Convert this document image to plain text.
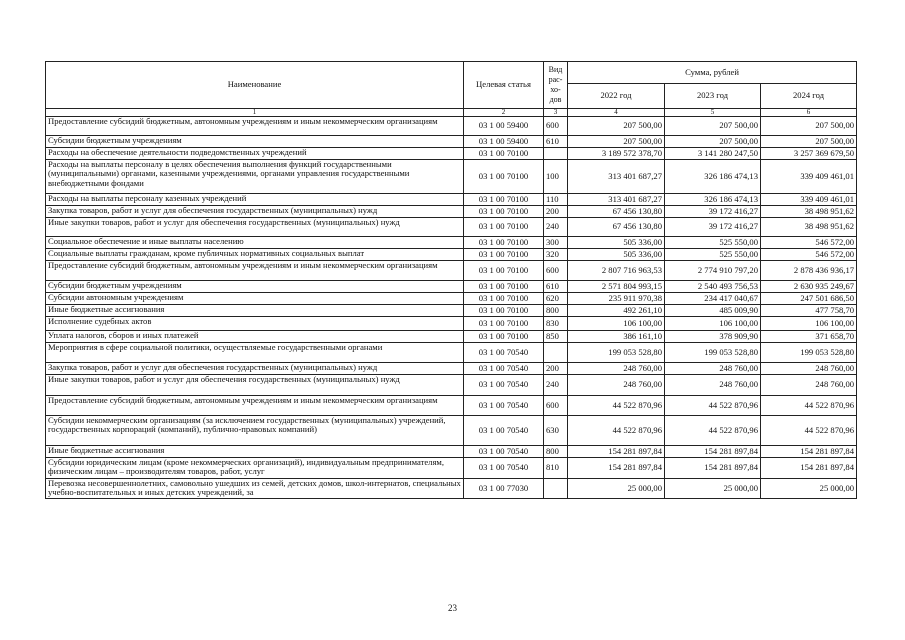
Наименование	Целевая статья	Вид рас- хо- дов	Сумма, рублей		
			2022 год	2023 год	2024 год
1	2	3	4	5	6
Предоставление субсидий бюджетным, автономным учреждениям и иным некоммерческим организациям	03 1 00 59400	600	207 500,00	207 500,00	207 500,00
Субсидии бюджетным учреждениям	03 1 00 59400	610	207 500,00	207 500,00	207 500,00
Расходы на обеспечение деятельности подведомственных учреждений	03 1 00 70100		3 189 572 378,70	3 141 280 247,50	3 257 369 679,50
Расходы на выплаты персоналу в целях обеспечения выполнения функций государственными (муниципальными) органами, казенными учреждениями, органами управления государственными внебюджетными фондами	03 1 00 70100	100	313 401 687,27	326 186 474,13	339 409 461,01
Расходы на выплаты персоналу казенных учреждений	03 1 00 70100	110	313 401 687,27	326 186 474,13	339 409 461,01
Закупка товаров, работ и услуг для обеспечения государственных (муниципальных) нужд	03 1 00 70100	200	67 456 130,80	39 172 416,27	38 498 951,62
Иные закупки товаров, работ и услуг для обеспечения государственных (муниципальных) нужд	03 1 00 70100	240	67 456 130,80	39 172 416,27	38 498 951,62
Социальное обеспечение и иные выплаты населению	03 1 00 70100	300	505 336,00	525 550,00	546 572,00
Социальные выплаты гражданам, кроме публичных нормативных социальных выплат	03 1 00 70100	320	505 336,00	525 550,00	546 572,00
Предоставление субсидий бюджетным, автономным учреждениям и иным некоммерческим организациям	03 1 00 70100	600	2 807 716 963,53	2 774 910 797,20	2 878 436 936,17
Субсидии бюджетным учреждениям	03 1 00 70100	610	2 571 804 993,15	2 540 493 756,53	2 630 935 249,67
Субсидии автономным учреждениям	03 1 00 70100	620	235 911 970,38	234 417 040,67	247 501 686,50
Иные бюджетные ассигнования	03 1 00 70100	800	492 261,10	485 009,90	477 758,70
Исполнение судебных актов	03 1 00 70100	830	106 100,00	106 100,00	106 100,00
Уплата налогов, сборов и иных платежей	03 1 00 70100	850	386 161,10	378 909,90	371 658,70
Мероприятия в сфере социальной политики, осуществляемые государственными органами	03 1 00 70540		199 053 528,80	199 053 528,80	199 053 528,80
Закупка товаров, работ и услуг для обеспечения государственных (муниципальных) нужд	03 1 00 70540	200	248 760,00	248 760,00	248 760,00
Иные закупки товаров, работ и услуг для обеспечения государственных (муниципальных) нужд	03 1 00 70540	240	248 760,00	248 760,00	248 760,00
Предоставление субсидий бюджетным, автономным учреждениям и иным некоммерческим организациям	03 1 00 70540	600	44 522 870,96	44 522 870,96	44 522 870,96
Субсидии некоммерческим организациям (за исключением государственных (муниципальных) учреждений, государственных корпораций (компаний), публично-правовых компаний)	03 1 00 70540	630	44 522 870,96	44 522 870,96	44 522 870,96
Иные бюджетные ассигнования	03 1 00 70540	800	154 281 897,84	154 281 897,84	154 281 897,84
Субсидии юридическим лицам (кроме некоммерческих организаций), индивидуальным предпринимателям, физическим лицам – производителям товаров, работ, услуг	03 1 00 70540	810	154 281 897,84	154 281 897,84	154 281 897,84
Перевозка несовершеннолетних, самовольно ушедших из семей, детских домов, школ-интернатов, специальных учебно-воспитательных и иных детских учреждений, за	03 1 00 77030		25 000,00	25 000,00	25 000,00
23
